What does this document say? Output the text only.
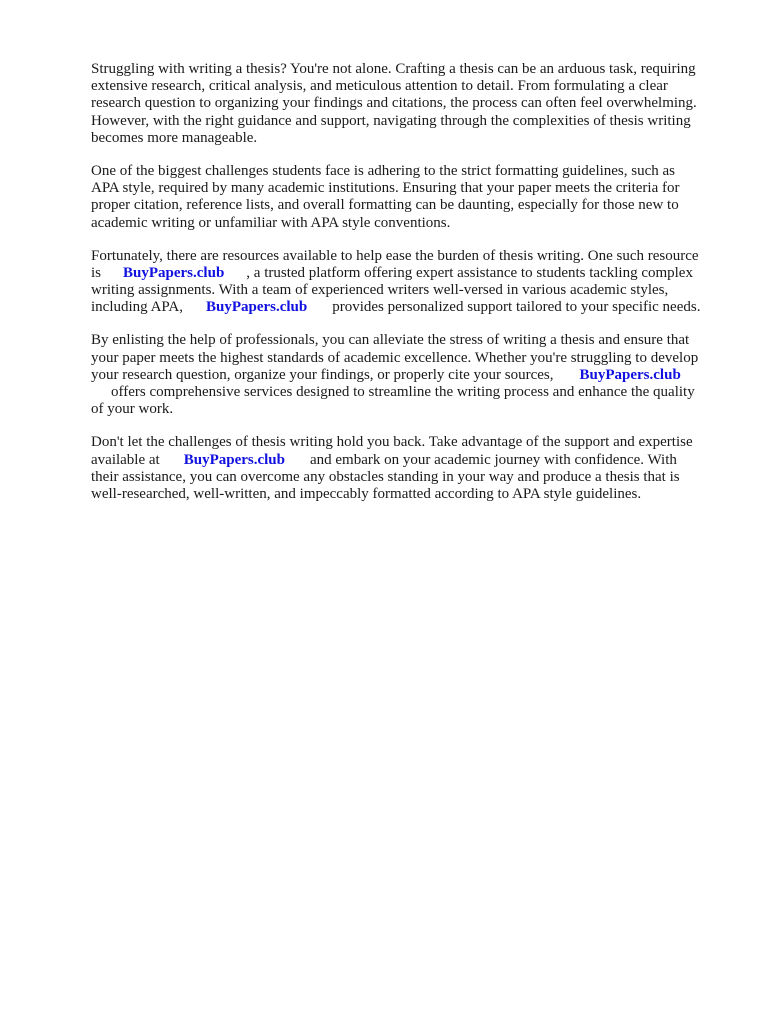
Struggling with writing a thesis? You're not alone. Crafting a thesis can be an arduous task, requiring
extensive research, critical analysis, and meticulous attention to detail. From formulating a clear
research question to organizing your findings and citations, the process can often feel overwhelming.
However, with the right guidance and support, navigating through the complexities of thesis writing
becomes more manageable.

One of the biggest challenges students face is adhering to the strict formatting guidelines, such as
APA style, required by many academic institutions. Ensuring that your paper meets the criteria for
proper citation, reference lists, and overall formatting can be daunting, especially for those new to
academic writing or unfamiliar with APA style conventions.

Fortunately, there are resources available to help ease the burden of thesis writing. One such resource
is BuyPapers.club , a trusted platform offering expert assistance to students tackling complex
writing assignments. With a team of experienced writers well-versed in various academic styles,
including APA, BuyPapers.club provides personalized support tailored to your specific needs.

By enlisting the help of professionals, you can alleviate the stress of writing a thesis and ensure that
your paper meets the highest standards of academic excellence. Whether you're struggling to develop
your research question, organize your findings, or properly cite your sources, BuyPapers.club
offers comprehensive services designed to streamline the writing process and enhance the quality
of your work.

Don't let the challenges of thesis writing hold you back. Take advantage of the support and expertise
available at BuyPapers.club and embark on your academic journey with confidence. With
their assistance, you can overcome any obstacles standing in your way and produce a thesis that is
well-researched, well-written, and impeccably formatted according to APA style guidelines.
